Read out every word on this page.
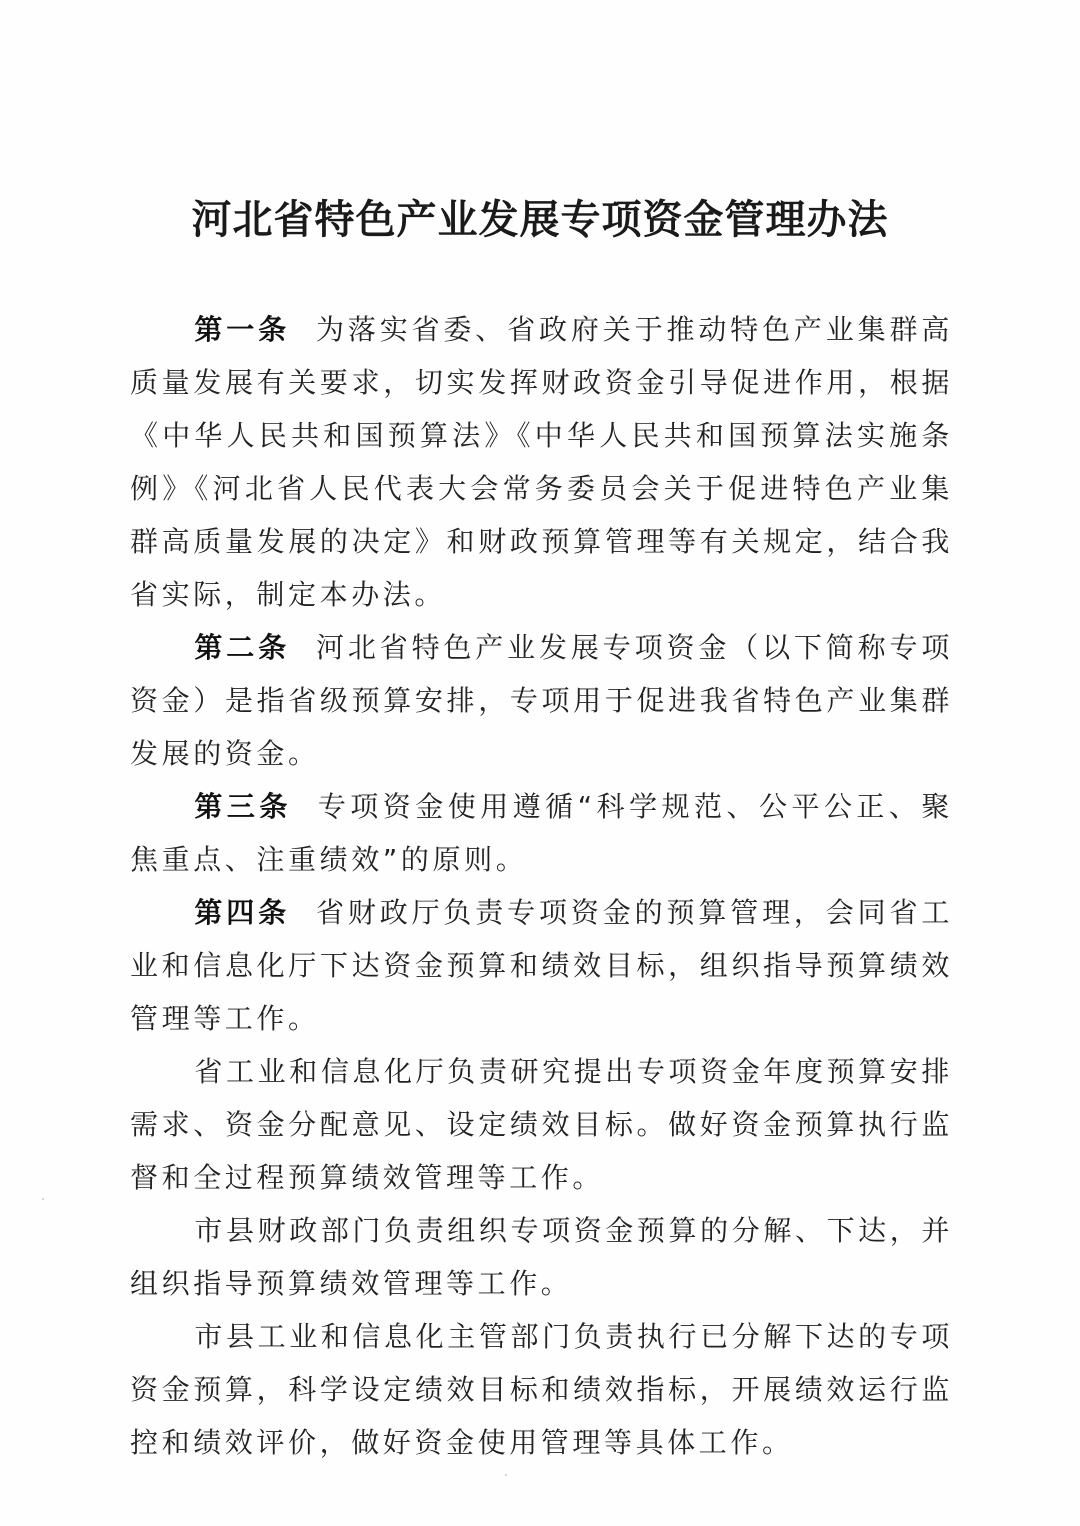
河北省特色产业发展专项资金管理办法

第一条 为落实省委、省政府关于推动特色产业集群高质量发展有关要求，切实发挥财政资金引导促进作用，根据《中华人民共和国预算法》《中华人民共和国预算法实施条例》《河北省人民代表大会常务委员会关于促进特色产业集群高质量发展的决定》和财政预算管理等有关规定，结合我省实际，制定本办法。

第二条 河北省特色产业发展专项资金（以下简称专项资金）是指省级预算安排，专项用于促进我省特色产业集群发展的资金。

第三条 专项资金使用遵循“科学规范、公平公正、聚焦重点、注重绩效”的原则。

第四条 省财政厅负责专项资金的预算管理，会同省工业和信息化厅下达资金预算和绩效目标，组织指导预算绩效管理等工作。

省工业和信息化厅负责研究提出专项资金年度预算安排需求、资金分配意见、设定绩效目标。做好资金预算执行监督和全过程预算绩效管理等工作。

市县财政部门负责组织专项资金预算的分解、下达，并组织指导预算绩效管理等工作。

市县工业和信息化主管部门负责执行已分解下达的专项资金预算，科学设定绩效目标和绩效指标，开展绩效运行监控和绩效评价，做好资金使用管理等具体工作。
